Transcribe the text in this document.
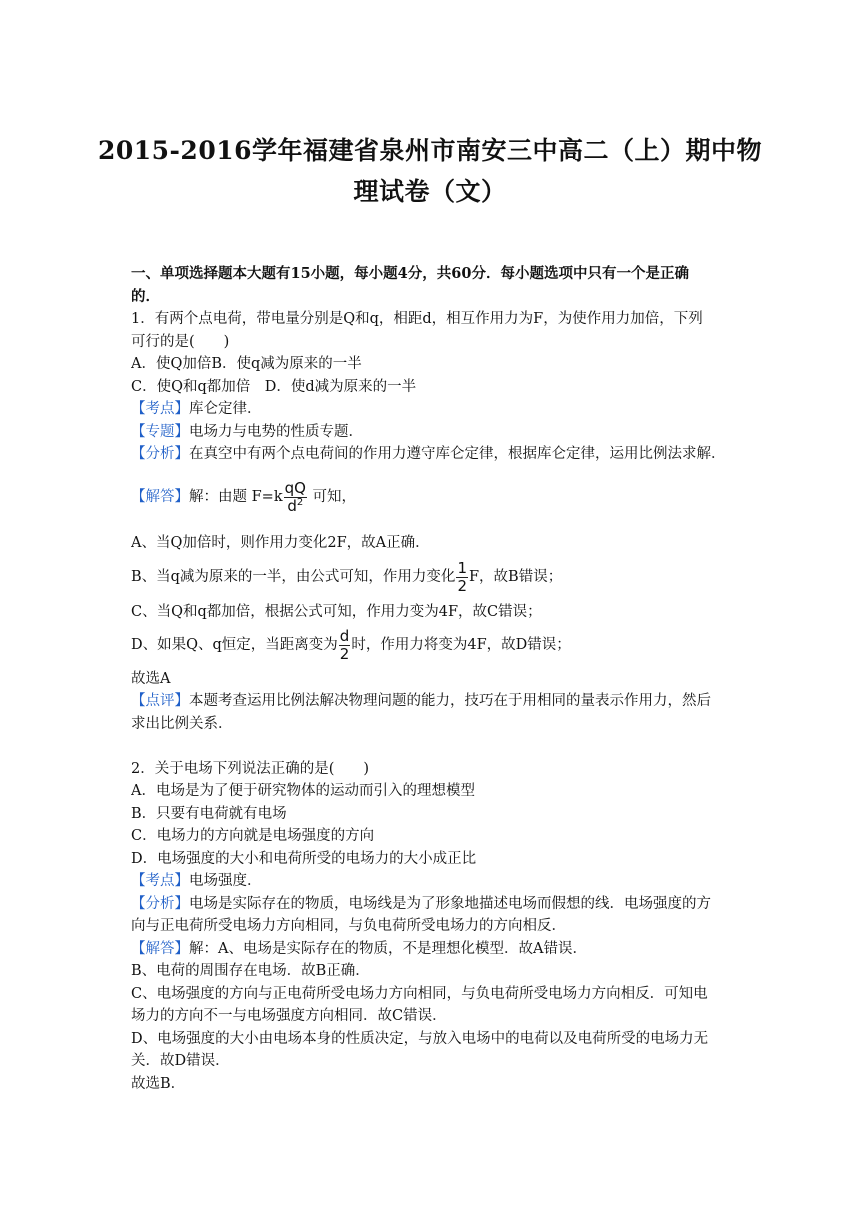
2015-2016学年福建省泉州市南安三中高二（上）期中物
理试卷（文）
一、单项选择题本大题有15小题，每小题4分，共60分．每小题选项中只有一个是正确
的．
1．有两个点电荷，带电量分别是Q和q，相距d，相互作用力为F，为使作用力加倍，下列
可行的是(　　)
A．使Q加倍B．使q减为原来的一半
C．使Q和q都加倍　D．使d减为原来的一半
【考点】库仑定律．
【专题】电场力与电势的性质专题．
【分析】在真空中有两个点电荷间的作用力遵守库仑定律，根据库仑定律，运用比例法求解．
【解答】解：由题 $F=k \frac{qQ}{d^2}$ 可知，
A、当Q加倍时，则作用力变化2F，故A正确．
B、当q减为原来的一半，由公式可知，作用力变化 $\frac{1}{2}$ F，故B错误；
C、当Q和q都加倍，根据公式可知，作用力变为4F，故C错误；
D、如果Q、q恒定，当距离变为 $\frac{d}{2}$ 时，作用力将变为4F，故D错误；
故选A
【点评】本题考查运用比例法解决物理问题的能力，技巧在于用相同的量表示作用力，然后
求出比例关系．
2．关于电场下列说法正确的是(　　)
A．电场是为了便于研究物体的运动而引入的理想模型
B．只要有电荷就有电场
C．电场力的方向就是电场强度的方向
D．电场强度的大小和电荷所受的电场力的大小成正比
【考点】电场强度．
【分析】电场是实际存在的物质，电场线是为了形象地描述电场而假想的线．电场强度的方
向与正电荷所受电场力方向相同，与负电荷所受电场力的方向相反．
【解答】解：A、电场是实际存在的物质，不是理想化模型．故A错误．
B、电荷的周围存在电场．故B正确．
C、电场强度的方向与正电荷所受电场力方向相同，与负电荷所受电场力方向相反．可知电
场力的方向不一与电场强度方向相同．故C错误．
D、电场强度的大小由电场本身的性质决定，与放入电场中的电荷以及电荷所受的电场力无
关．故D错误．
故选B．
